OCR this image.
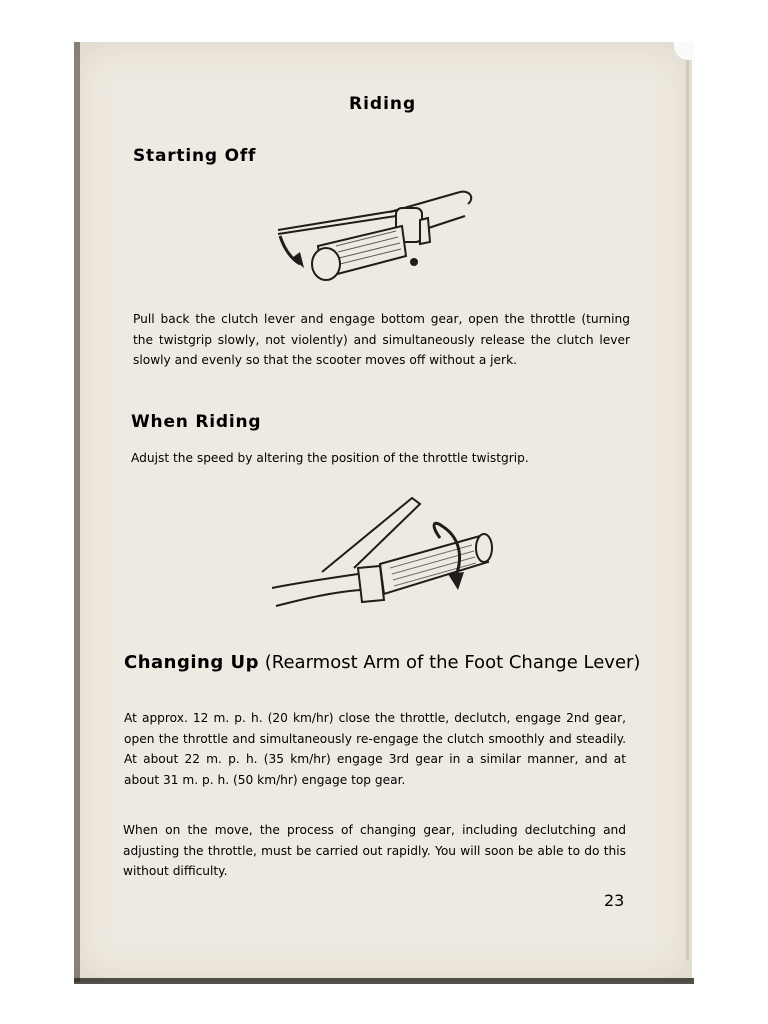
Riding
Starting Off
Pull back the clutch lever and engage bottom gear, open the throttle (turning the twistgrip slowly, not violently) and simultaneously release the clutch lever slowly and evenly so that the scooter moves off without a jerk.
When Riding
Adujst the speed by altering the position of the throttle twistgrip.
Changing Up (Rearmost Arm of the Foot Change Lever)
At approx. 12 m. p. h. (20 km/hr) close the throttle, declutch, engage 2nd gear, open the throttle and simultaneously re-engage the clutch smoothly and steadily. At about 22 m. p. h. (35 km/hr) engage 3rd gear in a similar manner, and at about 31 m. p. h. (50 km/hr) engage top gear.
When on the move, the process of changing gear, including declutching and adjusting the throttle, must be carried out rapidly. You will soon be able to do this without difficulty.
23
